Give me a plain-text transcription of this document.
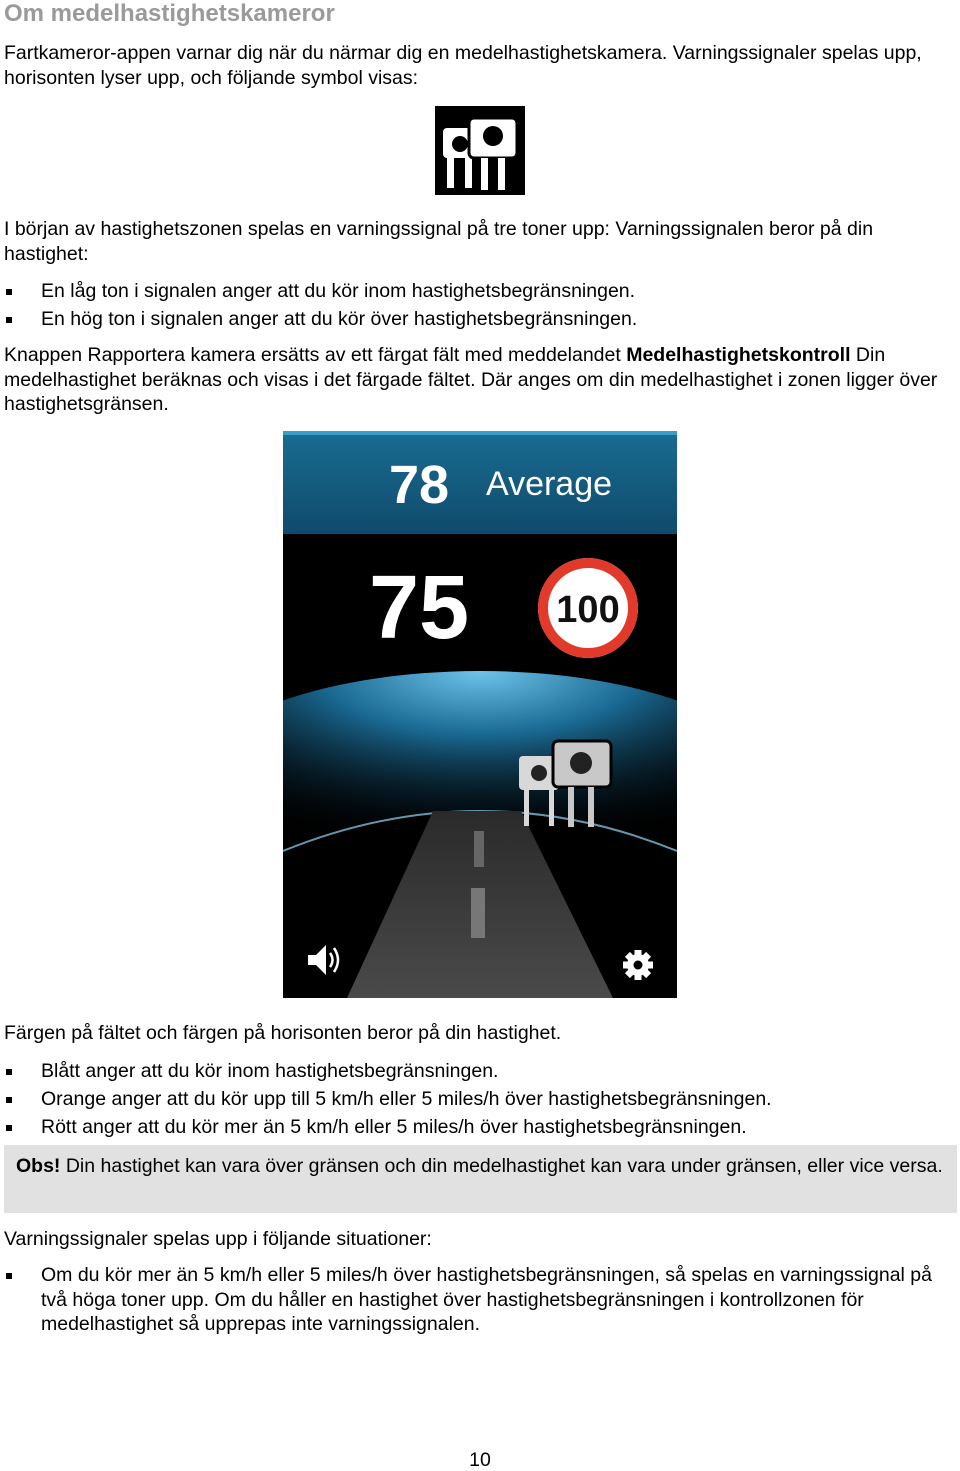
Om medelhastighetskameror

Fartkameror-appen varnar dig när du närmar dig en medelhastighetskamera. Varningssignaler spelas upp, horisonten lyser upp, och följande symbol visas:

I början av hastighetszonen spelas en varningssignal på tre toner upp: Varningssignalen beror på din hastighet:

En låg ton i signalen anger att du kör inom hastighetsbegränsningen.
En hög ton i signalen anger att du kör över hastighetsbegränsningen.

Knappen Rapportera kamera ersätts av ett färgat fält med meddelandet Medelhastighetskontroll Din medelhastighet beräknas och visas i det färgade fältet. Där anges om din medelhastighet i zonen ligger över hastighetsgränsen.

78 Average
75 100

Färgen på fältet och färgen på horisonten beror på din hastighet.

Blått anger att du kör inom hastighetsbegränsningen.
Orange anger att du kör upp till 5 km/h eller 5 miles/h över hastighetsbegränsningen.
Rött anger att du kör mer än 5 km/h eller 5 miles/h över hastighetsbegränsningen.

Obs! Din hastighet kan vara över gränsen och din medelhastighet kan vara under gränsen, eller vice versa.

Varningssignaler spelas upp i följande situationer:

Om du kör mer än 5 km/h eller 5 miles/h över hastighetsbegränsningen, så spelas en varningssignal på två höga toner upp. Om du håller en hastighet över hastighetsbegränsningen i kontrollzonen för medelhastighet så upprepas inte varningssignalen.
10
